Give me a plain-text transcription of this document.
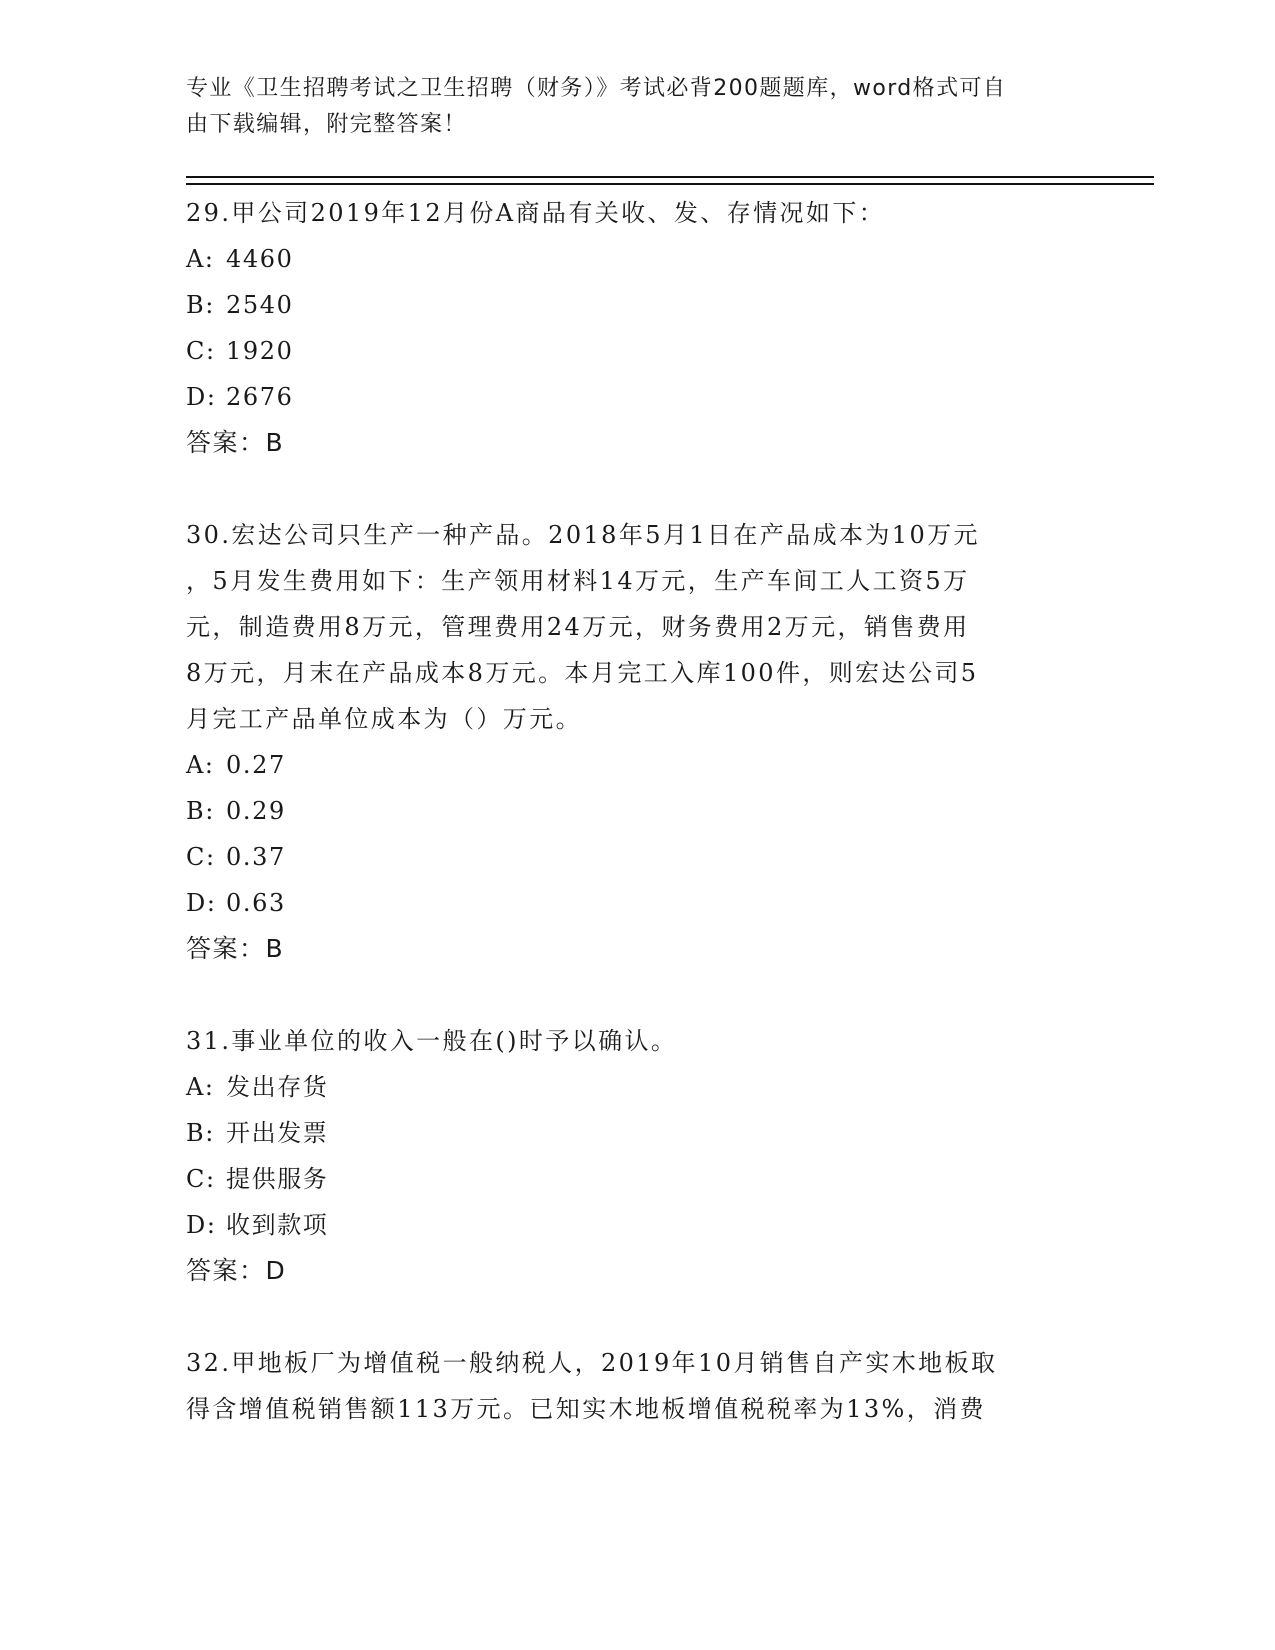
专业《卫生招聘考试之卫生招聘（财务）》考试必背200题题库，word格式可自
由下载编辑，附完整答案！
29.甲公司2019年12月份A商品有关收、发、存情况如下：
A: 4460
B: 2540
C: 1920
D: 2676
答案：B
30.宏达公司只生产一种产品。2018年5月1日在产品成本为10万元
，5月发生费用如下：生产领用材料14万元，生产车间工人工资5万
元，制造费用8万元，管理费用24万元，财务费用2万元，销售费用
8万元，月末在产品成本8万元。本月完工入库100件，则宏达公司5
月完工产品单位成本为（）万元。
A: 0.27
B: 0.29
C: 0.37
D: 0.63
答案：B
31.事业单位的收入一般在()时予以确认。
A: 发出存货
B: 开出发票
C: 提供服务
D: 收到款项
答案：D
32.甲地板厂为增值税一般纳税人，2019年10月销售自产实木地板取
得含增值税销售额113万元。已知实木地板增值税税率为13%，消费
